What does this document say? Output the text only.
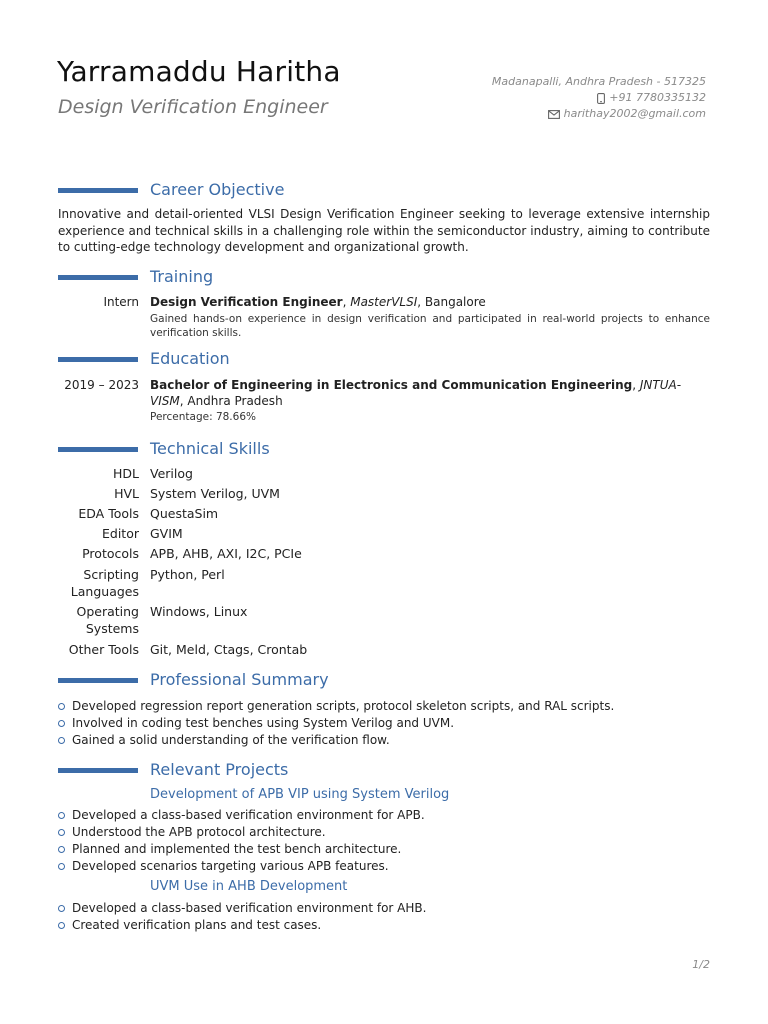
Yarramaddu Haritha
Design Verification Engineer
Madanapalli, Andhra Pradesh - 517325
+91 7780335132
harithay2002@gmail.com
Career Objective
Innovative and detail-oriented VLSI Design Verification Engineer seeking to leverage extensive internship experience and technical skills in a challenging role within the semiconductor industry, aiming to contribute to cutting-edge technology development and organizational growth.
Training
Intern Design Verification Engineer, MasterVLSI, Bangalore
Gained hands-on experience in design verification and participated in real-world projects to enhance verification skills.
Education
2019 – 2023 Bachelor of Engineering in Electronics and Communication Engineering, JNTUA-VISM, Andhra Pradesh
Percentage: 78.66%
Technical Skills
HDL Verilog
HVL System Verilog, UVM
EDA Tools QuestaSim
Editor GVIM
Protocols APB, AHB, AXI, I2C, PCIe
Scripting
Languages
Python, Perl
Operating
Systems
Windows, Linux
Other Tools Git, Meld, Ctags, Crontab
Professional Summary
Developed regression report generation scripts, protocol skeleton scripts, and RAL scripts.
Involved in coding test benches using System Verilog and UVM.
Gained a solid understanding of the verification flow.
Relevant Projects
Development of APB VIP using System Verilog
Developed a class-based verification environment for APB.
Understood the APB protocol architecture.
Planned and implemented the test bench architecture.
Developed scenarios targeting various APB features.
UVM Use in AHB Development
Developed a class-based verification environment for AHB.
Created verification plans and test cases.
1/2
